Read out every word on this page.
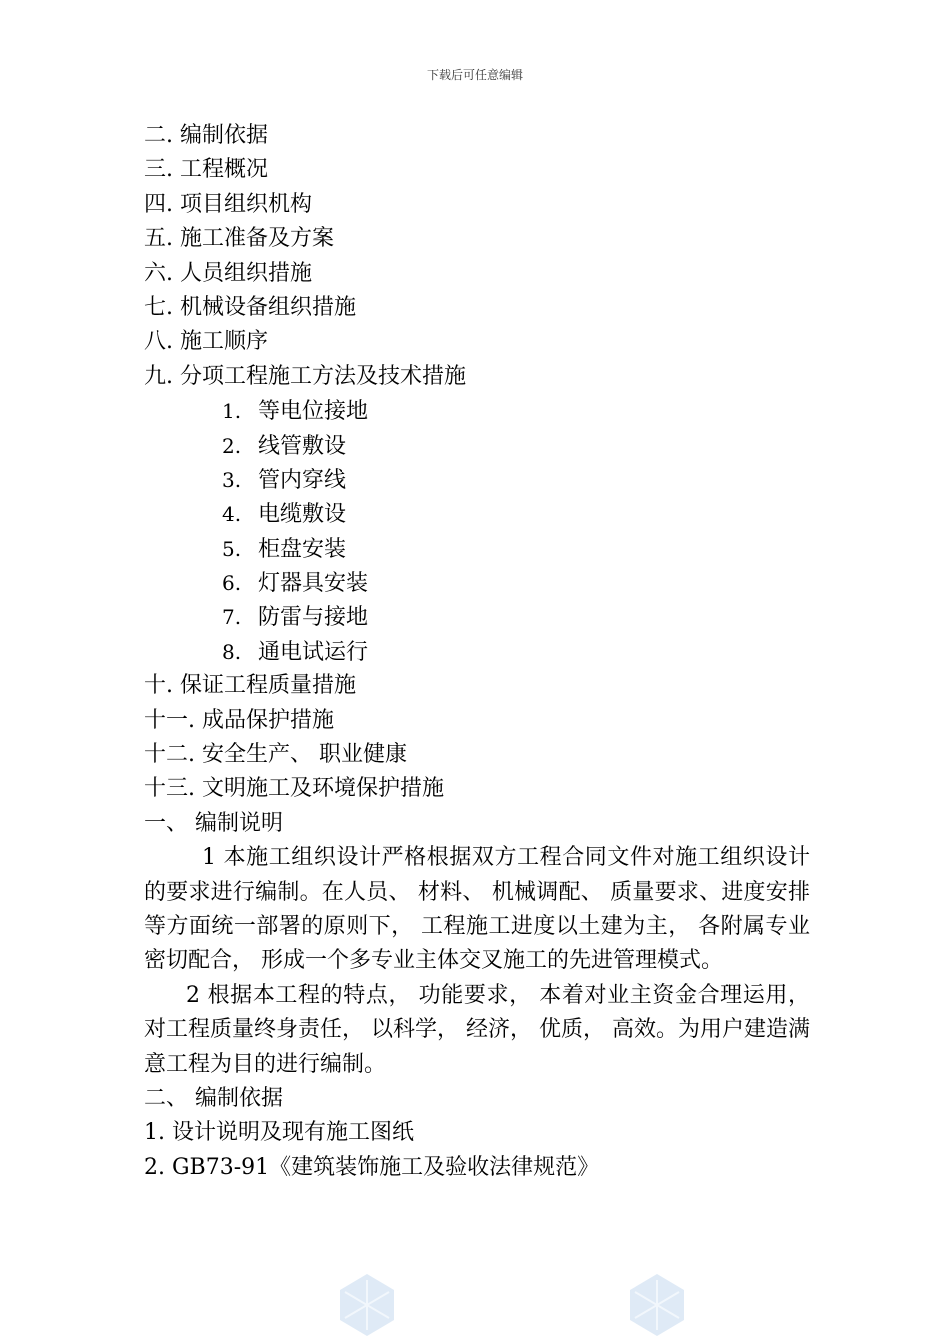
下载后可任意编辑
二. 编制依据
三. 工程概况
四. 项目组织机构
五. 施工准备及方案
六. 人员组织措施
七. 机械设备组织措施
八. 施工顺序
九. 分项工程施工方法及技术措施
1. 等电位接地
2. 线管敷设
3. 管内穿线
4. 电缆敷设
5. 柜盘安装
6. 灯器具安装
7. 防雷与接地
8. 通电试运行
十. 保证工程质量措施
十一. 成品保护措施
十二. 安全生产、 职业健康
十三. 文明施工及环境保护措施
一、 编制说明
1 本施工组织设计严格根据双方工程合同文件对施工组织设计的要求进行编制。在人员、 材料、 机械调配、 质量要求、进度安排等方面统一部署的原则下， 工程施工进度以土建为主， 各附属专业密切配合， 形成一个多专业主体交叉施工的先进管理模式。
2 根据本工程的特点， 功能要求， 本着对业主资金合理运用， 对工程质量终身责任， 以科学， 经济， 优质， 高效。为用户建造满意工程为目的进行编制。
二、 编制依据
1. 设计说明及现有施工图纸
2. GB73-91《建筑装饰施工及验收法律规范》
